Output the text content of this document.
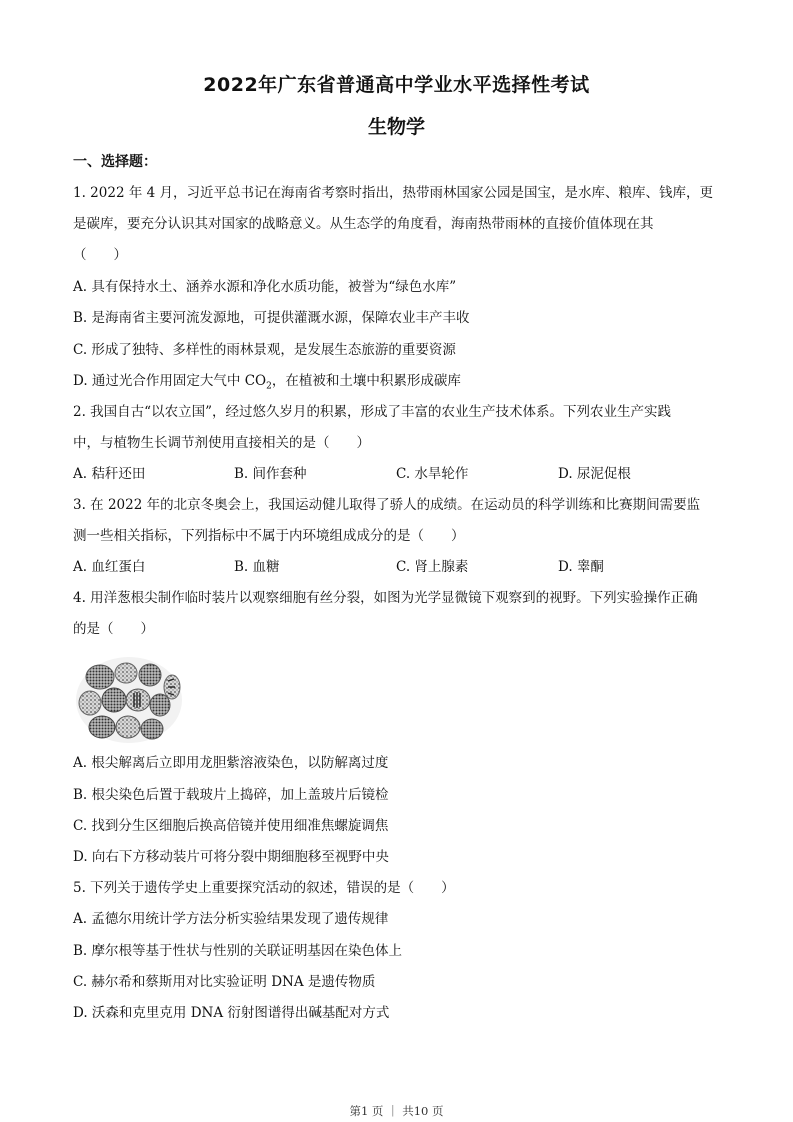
2022年广东省普通高中学业水平选择性考试
生物学
一、选择题：
1. 2022 年 4 月，习近平总书记在海南省考察时指出，热带雨林国家公园是国宝，是水库、粮库、钱库，更
是碳库，要充分认识其对国家的战略意义。从生态学的角度看，海南热带雨林的直接价值体现在其
（　　）
A. 具有保持水土、涵养水源和净化水质功能，被誉为“绿色水库”
B. 是海南省主要河流发源地，可提供灌溉水源，保障农业丰产丰收
C. 形成了独特、多样性的雨林景观，是发展生态旅游的重要资源
D. 通过光合作用固定大气中 $CO_2$，在植被和土壤中积累形成碳库
2. 我国自古“以农立国”，经过悠久岁月的积累，形成了丰富的农业生产技术体系。下列农业生产实践
中，与植物生长调节剂使用直接相关的是（　　）
A. 秸秆还田	B. 间作套种	C. 水旱轮作	D. 尿泥促根
3. 在 2022 年的北京冬奥会上，我国运动健儿取得了骄人的成绩。在运动员的科学训练和比赛期间需要监
测一些相关指标，下列指标中不属于内环境组成成分的是（　　）
A. 血红蛋白	B. 血糖	C. 肾上腺素	D. 睾酮
4. 用洋葱根尖制作临时装片以观察细胞有丝分裂，如图为光学显微镜下观察到的视野。下列实验操作正确
的是（　　）
A. 根尖解离后立即用龙胆紫溶液染色，以防解离过度
B. 根尖染色后置于载玻片上捣碎，加上盖玻片后镜检
C. 找到分生区细胞后换高倍镜并使用细准焦螺旋调焦
D. 向右下方移动装片可将分裂中期细胞移至视野中央
5. 下列关于遗传学史上重要探究活动的叙述，错误的是（　　）
A. 孟德尔用统计学方法分析实验结果发现了遗传规律
B. 摩尔根等基于性状与性别的关联证明基因在染色体上
C. 赫尔希和蔡斯用对比实验证明 DNA 是遗传物质
D. 沃森和克里克用 DNA 衍射图谱得出碱基配对方式
第1 页 ｜ 共10 页
